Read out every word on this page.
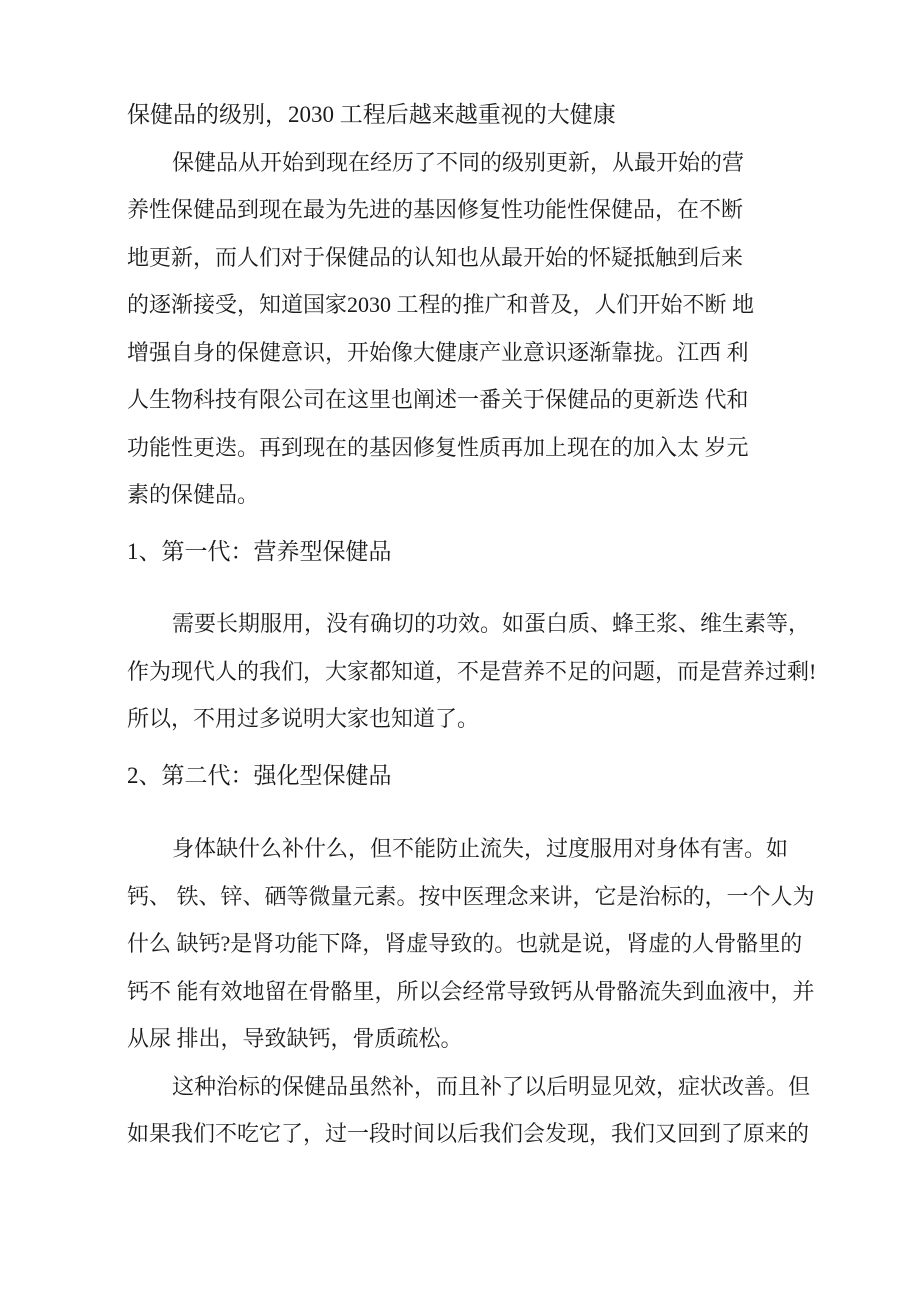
保健品的级别，2030 工程后越来越重视的大健康
保健品从开始到现在经历了不同的级别更新，从最开始的营
养性保健品到现在最为先进的基因修复性功能性保健品，在不断
地更新，而人们对于保健品的认知也从最开始的怀疑抵触到后来
的逐渐接受，知道国家2030 工程的推广和普及，人们开始不断 地
增强自身的保健意识，开始像大健康产业意识逐渐靠拢。江西 利
人生物科技有限公司在这里也阐述一番关于保健品的更新迭 代和
功能性更迭。再到现在的基因修复性质再加上现在的加入太 岁元
素的保健品。
1、第一代：营养型保健品
需要长期服用，没有确切的功效。如蛋白质、蜂王浆、维生素等，
作为现代人的我们，大家都知道，不是营养不足的问题，而是营养过剩!
所以，不用过多说明大家也知道了。
2、第二代：强化型保健品
身体缺什么补什么，但不能防止流失，过度服用对身体有害。如
钙、 铁、锌、硒等微量元素。按中医理念来讲，它是治标的，一个人为
什么 缺钙?是肾功能下降，肾虚导致的。也就是说，肾虚的人骨骼里的
钙不 能有效地留在骨骼里，所以会经常导致钙从骨骼流失到血液中，并
从尿 排出，导致缺钙，骨质疏松。
这种治标的保健品虽然补，而且补了以后明显见效，症状改善。但
如果我们不吃它了，过一段时间以后我们会发现，我们又回到了原来的
